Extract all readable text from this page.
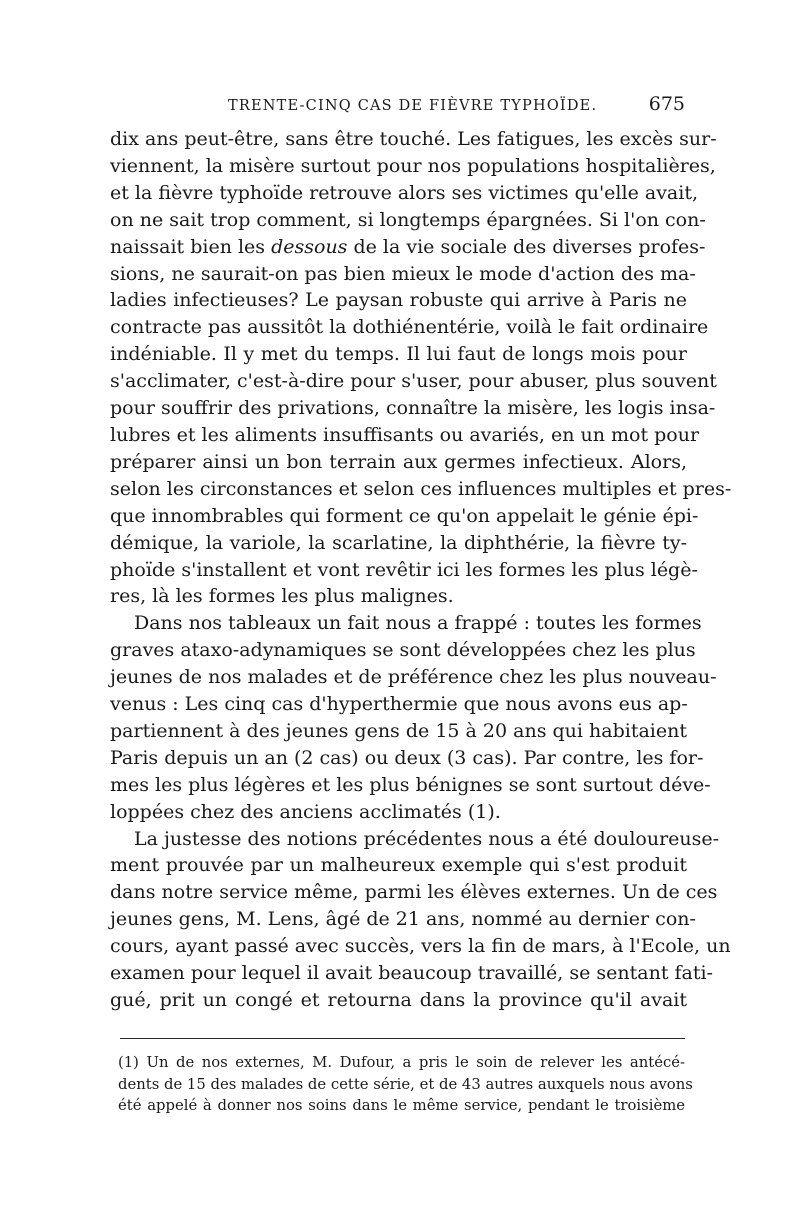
TRENTE-CINQ CAS DE FIÈVRE TYPHOÏDE.	675
dix ans peut-être, sans être touché. Les fatigues, les excès sur-
viennent, la misère surtout pour nos populations hospitalières,
et la fièvre typhoïde retrouve alors ses victimes qu'elle avait,
on ne sait trop comment, si longtemps épargnées. Si l'on con-
naissait bien les dessous de la vie sociale des diverses profes-
sions, ne saurait-on pas bien mieux le mode d'action des ma-
ladies infectieuses? Le paysan robuste qui arrive à Paris ne
contracte pas aussitôt la dothiénentérie, voilà le fait ordinaire
indéniable. Il y met du temps. Il lui faut de longs mois pour
s'acclimater, c'est-à-dire pour s'user, pour abuser, plus souvent
pour souffrir des privations, connaître la misère, les logis insa-
lubres et les aliments insuffisants ou avariés, en un mot pour
préparer ainsi un bon terrain aux germes infectieux. Alors,
selon les circonstances et selon ces influences multiples et pres-
que innombrables qui forment ce qu'on appelait le génie épi-
démique, la variole, la scarlatine, la diphthérie, la fièvre ty-
phoïde s'installent et vont revêtir ici les formes les plus légè-
res, là les formes les plus malignes.
Dans nos tableaux un fait nous a frappé : toutes les formes
graves ataxo-adynamiques se sont développées chez les plus
jeunes de nos malades et de préférence chez les plus nouveau-
venus : Les cinq cas d'hyperthermie que nous avons eus ap-
partiennent à des jeunes gens de 15 à 20 ans qui habitaient
Paris depuis un an (2 cas) ou deux (3 cas). Par contre, les for-
mes les plus légères et les plus bénignes se sont surtout déve-
loppées chez des anciens acclimatés (1).
La justesse des notions précédentes nous a été douloureuse-
ment prouvée par un malheureux exemple qui s'est produit
dans notre service même, parmi les élèves externes. Un de ces
jeunes gens, M. Lens, âgé de 21 ans, nommé au dernier con-
cours, ayant passé avec succès, vers la fin de mars, à l'Ecole, un
examen pour lequel il avait beaucoup travaillé, se sentant fati-
gué, prit un congé et retourna dans la province qu'il avait
(1) Un de nos externes, M. Dufour, a pris le soin de relever les antécé-
dents de 15 des malades de cette série, et de 43 autres auxquels nous avons
été appelé à donner nos soins dans le même service, pendant le troisième
